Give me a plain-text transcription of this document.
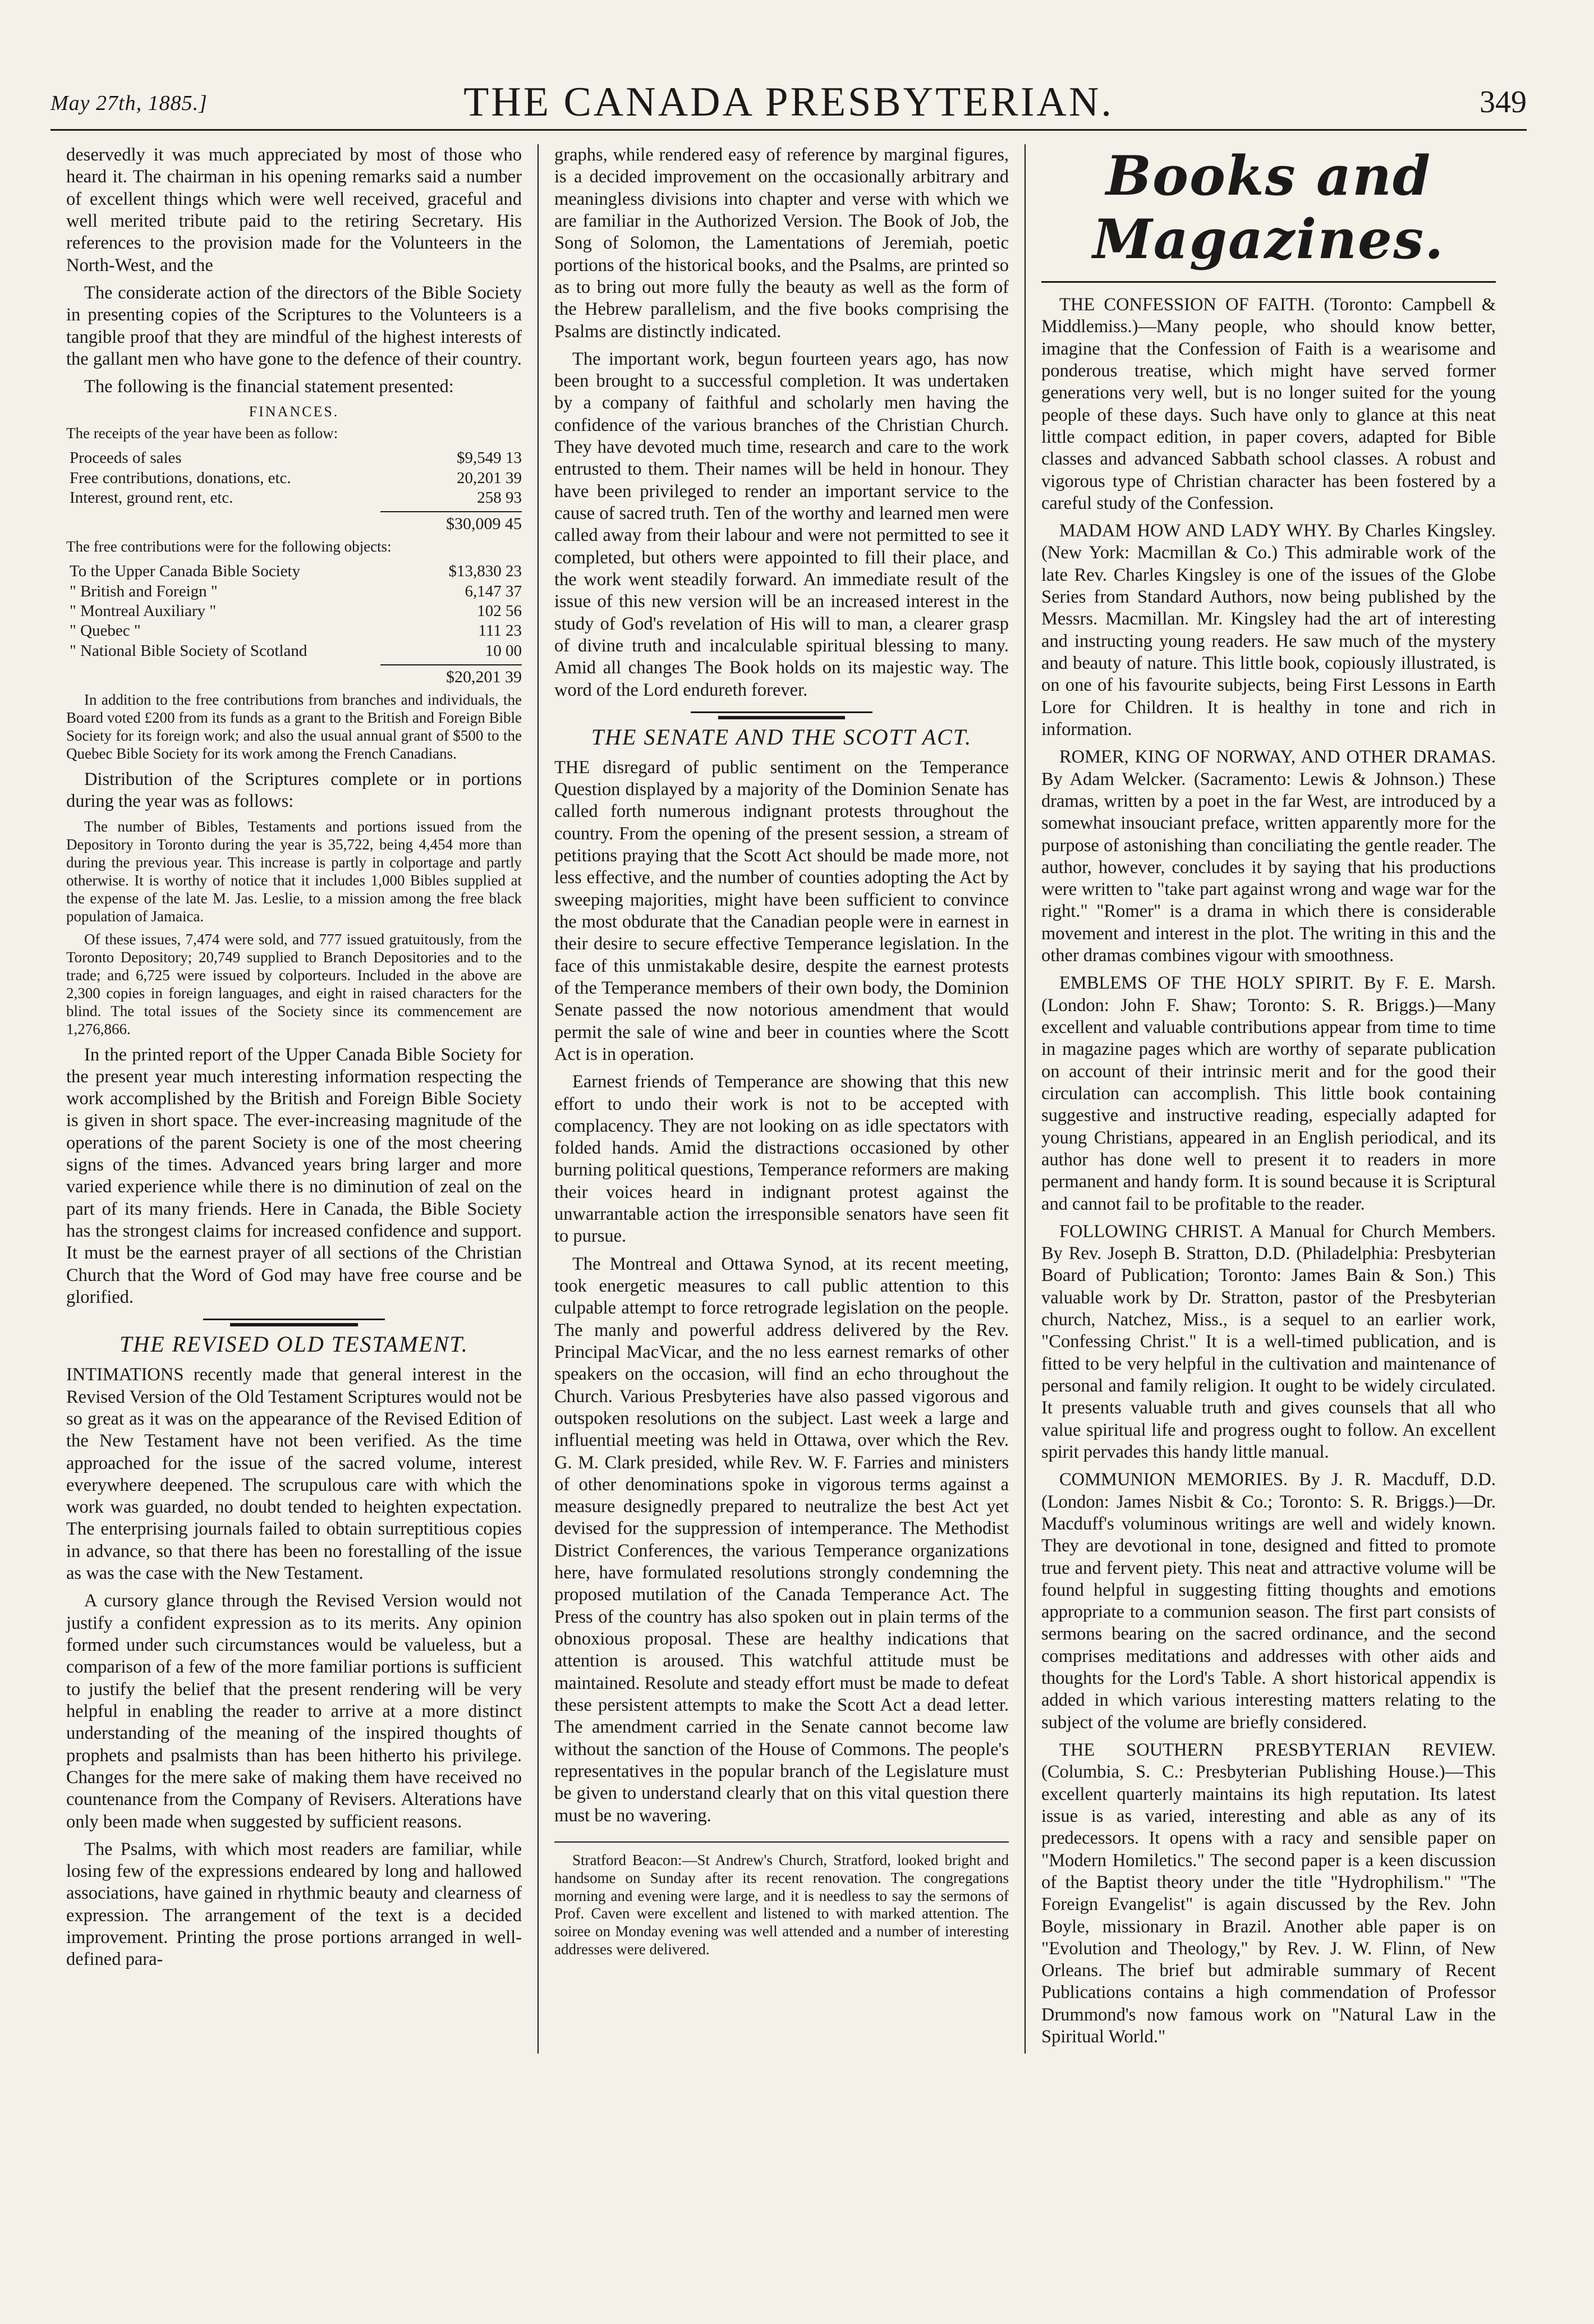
May 27th, 1885.]	THE CANADA PRESBYTERIAN.	349

deservedly it was much appreciated by most of those who heard it. The chairman in his opening remarks said a number of excellent things which were well received, graceful and well merited tribute paid to the retiring Secretary. His references to the provision made for the Volunteers in the North-West, and the

The considerate action of the directors of the Bible Society in presenting copies of the Scriptures to the Volunteers is a tangible proof that they are mindful of the highest interests of the gallant men who have gone to the defence of their country.

The following is the financial statement presented:

FINANCES.

The receipts of the year have been as follow:

Proceeds of sales	$9,549 13
Free contributions, donations, etc.	20,201 39
Interest, ground rent, etc.	258 93
$30,009 45

The free contributions were for the following objects:

To the Upper Canada Bible Society	$13,830 23
" British and Foreign "	6,147 37
" Montreal Auxiliary "	102 56
" Quebec "	111 23
" National Bible Society of Scotland	10 00
$20,201 39

In addition to the free contributions from branches and individuals, the Board voted £200 from its funds as a grant to the British and Foreign Bible Society for its foreign work; and also the usual annual grant of $500 to the Quebec Bible Society for its work among the French Canadians.

Distribution of the Scriptures complete or in portions during the year was as follows:

The number of Bibles, Testaments and portions issued from the Depository in Toronto during the year is 35,722, being 4,454 more than during the previous year. This increase is partly in colportage and partly otherwise. It is worthy of notice that it includes 1,000 Bibles supplied at the expense of the late M. Jas. Leslie, to a mission among the free black population of Jamaica.

Of these issues, 7,474 were sold, and 777 issued gratuitously, from the Toronto Depository; 20,749 supplied to Branch Depositories and to the trade; and 6,725 were issued by colporteurs. Included in the above are 2,300 copies in foreign languages, and eight in raised characters for the blind. The total issues of the Society since its commencement are 1,276,866.

In the printed report of the Upper Canada Bible Society for the present year much interesting information respecting the work accomplished by the British and Foreign Bible Society is given in short space. The ever-increasing magnitude of the operations of the parent Society is one of the most cheering signs of the times. Advanced years bring larger and more varied experience while there is no diminution of zeal on the part of its many friends. Here in Canada, the Bible Society has the strongest claims for increased confidence and support. It must be the earnest prayer of all sections of the Christian Church that the Word of God may have free course and be glorified.

THE REVISED OLD TESTAMENT.

INTIMATIONS recently made that general interest in the Revised Version of the Old Testament Scriptures would not be so great as it was on the appearance of the Revised Edition of the New Testament have not been verified. As the time approached for the issue of the sacred volume, interest everywhere deepened. The scrupulous care with which the work was guarded, no doubt tended to heighten expectation. The enterprising journals failed to obtain surreptitious copies in advance, so that there has been no forestalling of the issue as was the case with the New Testament.

A cursory glance through the Revised Version would not justify a confident expression as to its merits. Any opinion formed under such circumstances would be valueless, but a comparison of a few of the more familiar portions is sufficient to justify the belief that the present rendering will be very helpful in enabling the reader to arrive at a more distinct understanding of the meaning of the inspired thoughts of prophets and psalmists than has been hitherto his privilege. Changes for the mere sake of making them have received no countenance from the Company of Revisers. Alterations have only been made when suggested by sufficient reasons.

The Psalms, with which most readers are familiar, while losing few of the expressions endeared by long and hallowed associations, have gained in rhythmic beauty and clearness of expression. The arrangement of the text is a decided improvement. Printing the prose portions arranged in well-defined para-

graphs, while rendered easy of reference by marginal figures, is a decided improvement on the occasionally arbitrary and meaningless divisions into chapter and verse with which we are familiar in the Authorized Version. The Book of Job, the Song of Solomon, the Lamentations of Jeremiah, poetic portions of the historical books, and the Psalms, are printed so as to bring out more fully the beauty as well as the form of the Hebrew parallelism, and the five books comprising the Psalms are distinctly indicated.

The important work, begun fourteen years ago, has now been brought to a successful completion. It was undertaken by a company of faithful and scholarly men having the confidence of the various branches of the Christian Church. They have devoted much time, research and care to the work entrusted to them. Their names will be held in honour. They have been privileged to render an important service to the cause of sacred truth. Ten of the worthy and learned men were called away from their labour and were not permitted to see it completed, but others were appointed to fill their place, and the work went steadily forward. An immediate result of the issue of this new version will be an increased interest in the study of God's revelation of His will to man, a clearer grasp of divine truth and incalculable spiritual blessing to many. Amid all changes The Book holds on its majestic way. The word of the Lord endureth forever.

THE SENATE AND THE SCOTT ACT.

THE disregard of public sentiment on the Temperance Question displayed by a majority of the Dominion Senate has called forth numerous indignant protests throughout the country. From the opening of the present session, a stream of petitions praying that the Scott Act should be made more, not less effective, and the number of counties adopting the Act by sweeping majorities, might have been sufficient to convince the most obdurate that the Canadian people were in earnest in their desire to secure effective Temperance legislation. In the face of this unmistakable desire, despite the earnest protests of the Temperance members of their own body, the Dominion Senate passed the now notorious amendment that would permit the sale of wine and beer in counties where the Scott Act is in operation.

Earnest friends of Temperance are showing that this new effort to undo their work is not to be accepted with complacency. They are not looking on as idle spectators with folded hands. Amid the distractions occasioned by other burning political questions, Temperance reformers are making their voices heard in indignant protest against the unwarrantable action the irresponsible senators have seen fit to pursue.

The Montreal and Ottawa Synod, at its recent meeting, took energetic measures to call public attention to this culpable attempt to force retrograde legislation on the people. The manly and powerful address delivered by the Rev. Principal MacVicar, and the no less earnest remarks of other speakers on the occasion, will find an echo throughout the Church. Various Presbyteries have also passed vigorous and outspoken resolutions on the subject. Last week a large and influential meeting was held in Ottawa, over which the Rev. G. M. Clark presided, while Rev. W. F. Farries and ministers of other denominations spoke in vigorous terms against a measure designedly prepared to neutralize the best Act yet devised for the suppression of intemperance. The Methodist District Conferences, the various Temperance organizations here, have formulated resolutions strongly condemning the proposed mutilation of the Canada Temperance Act. The Press of the country has also spoken out in plain terms of the obnoxious proposal. These are healthy indications that attention is aroused. This watchful attitude must be maintained. Resolute and steady effort must be made to defeat these persistent attempts to make the Scott Act a dead letter. The amendment carried in the Senate cannot become law without the sanction of the House of Commons. The people's representatives in the popular branch of the Legislature must be given to understand clearly that on this vital question there must be no wavering.

Stratford Beacon:—St Andrew's Church, Stratford, looked bright and handsome on Sunday after its recent renovation. The congregations morning and evening were large, and it is needless to say the sermons of Prof. Caven were excellent and listened to with marked attention. The soiree on Monday evening was well attended and a number of interesting addresses were delivered.

Books and Magazines.

THE CONFESSION OF FAITH. (Toronto: Campbell & Middlemiss.)—Many people, who should know better, imagine that the Confession of Faith is a wearisome and ponderous treatise, which might have served former generations very well, but is no longer suited for the young people of these days. Such have only to glance at this neat little compact edition, in paper covers, adapted for Bible classes and advanced Sabbath school classes. A robust and vigorous type of Christian character has been fostered by a careful study of the Confession.

MADAM HOW AND LADY WHY. By Charles Kingsley. (New York: Macmillan & Co.) This admirable work of the late Rev. Charles Kingsley is one of the issues of the Globe Series from Standard Authors, now being published by the Messrs. Macmillan. Mr. Kingsley had the art of interesting and instructing young readers. He saw much of the mystery and beauty of nature. This little book, copiously illustrated, is on one of his favourite subjects, being First Lessons in Earth Lore for Children. It is healthy in tone and rich in information.

ROMER, KING OF NORWAY, AND OTHER DRAMAS. By Adam Welcker. (Sacramento: Lewis & Johnson.) These dramas, written by a poet in the far West, are introduced by a somewhat insouciant preface, written apparently more for the purpose of astonishing than conciliating the gentle reader. The author, however, concludes it by saying that his productions were written to "take part against wrong and wage war for the right." "Romer" is a drama in which there is considerable movement and interest in the plot. The writing in this and the other dramas combines vigour with smoothness.

EMBLEMS OF THE HOLY SPIRIT. By F. E. Marsh. (London: John F. Shaw; Toronto: S. R. Briggs.)—Many excellent and valuable contributions appear from time to time in magazine pages which are worthy of separate publication on account of their intrinsic merit and for the good their circulation can accomplish. This little book containing suggestive and instructive reading, especially adapted for young Christians, appeared in an English periodical, and its author has done well to present it to readers in more permanent and handy form. It is sound because it is Scriptural and cannot fail to be profitable to the reader.

FOLLOWING CHRIST. A Manual for Church Members. By Rev. Joseph B. Stratton, D.D. (Philadelphia: Presbyterian Board of Publication; Toronto: James Bain & Son.) This valuable work by Dr. Stratton, pastor of the Presbyterian church, Natchez, Miss., is a sequel to an earlier work, "Confessing Christ." It is a well-timed publication, and is fitted to be very helpful in the cultivation and maintenance of personal and family religion. It ought to be widely circulated. It presents valuable truth and gives counsels that all who value spiritual life and progress ought to follow. An excellent spirit pervades this handy little manual.

COMMUNION MEMORIES. By J. R. Macduff, D.D. (London: James Nisbit & Co.; Toronto: S. R. Briggs.)—Dr. Macduff's voluminous writings are well and widely known. They are devotional in tone, designed and fitted to promote true and fervent piety. This neat and attractive volume will be found helpful in suggesting fitting thoughts and emotions appropriate to a communion season. The first part consists of sermons bearing on the sacred ordinance, and the second comprises meditations and addresses with other aids and thoughts for the Lord's Table. A short historical appendix is added in which various interesting matters relating to the subject of the volume are briefly considered.

THE SOUTHERN PRESBYTERIAN REVIEW. (Columbia, S. C.: Presbyterian Publishing House.)—This excellent quarterly maintains its high reputation. Its latest issue is as varied, interesting and able as any of its predecessors. It opens with a racy and sensible paper on "Modern Homiletics." The second paper is a keen discussion of the Baptist theory under the title "Hydrophilism." "The Foreign Evangelist" is again discussed by the Rev. John Boyle, missionary in Brazil. Another able paper is on "Evolution and Theology," by Rev. J. W. Flinn, of New Orleans. The brief but admirable summary of Recent Publications contains a high commendation of Professor Drummond's now famous work on "Natural Law in the Spiritual World."
